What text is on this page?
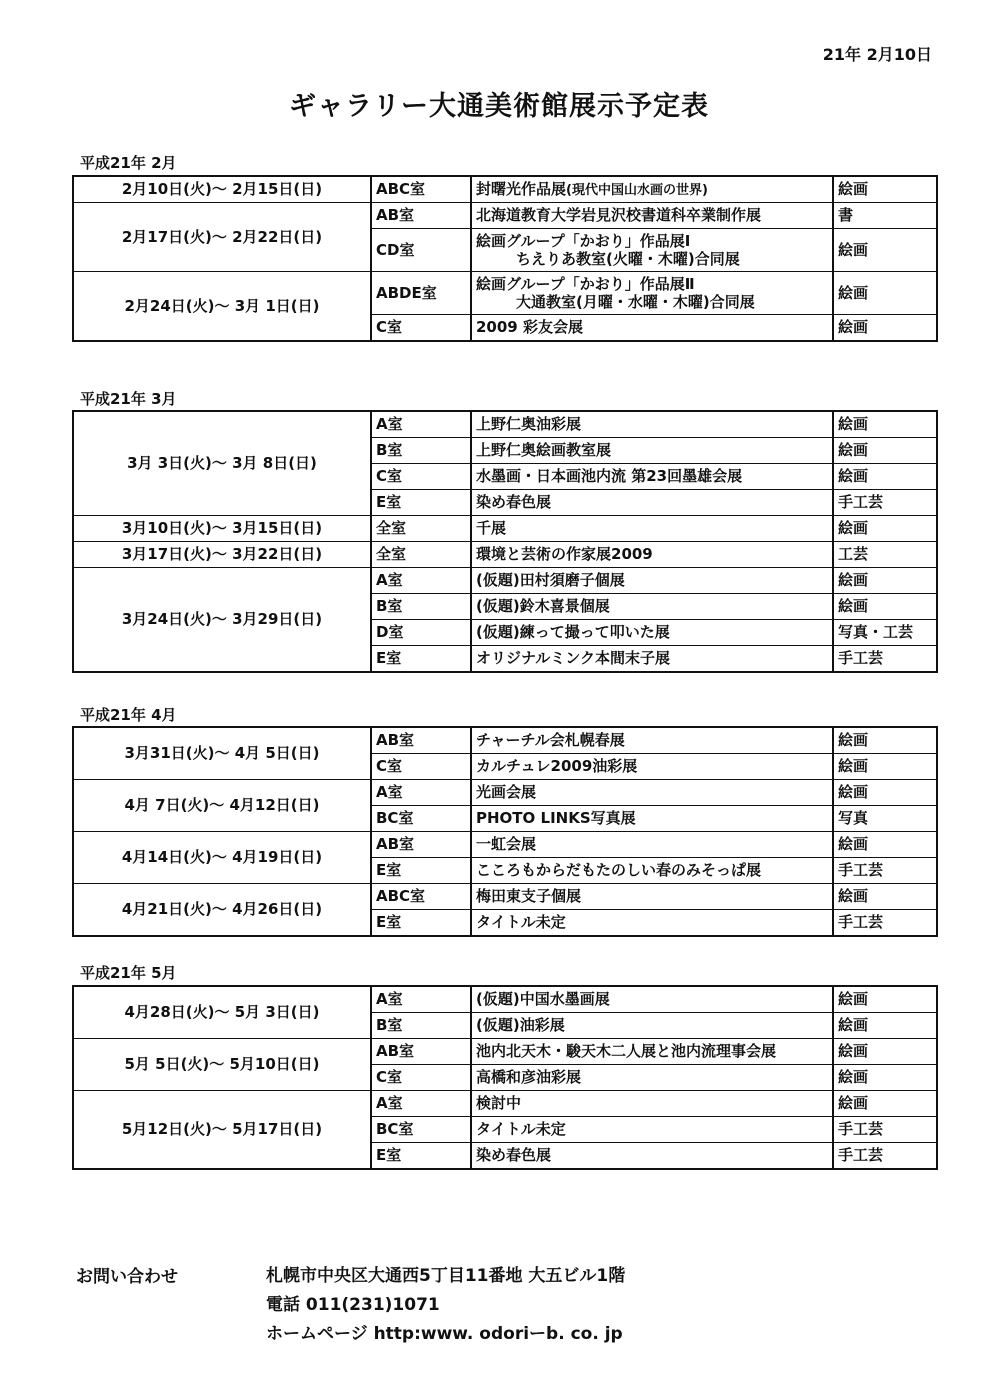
21年 2月10日
ギャラリー大通美術館展示予定表
平成21年 2月
2月10日(火)～ 2月15日(日)	ABC室	封曙光作品展(現代中国山水画の世界)	絵画
2月17日(火)～ 2月22日(日)	AB室	北海道教育大学岩見沢校書道科卒業制作展	書
	CD室	絵画グループ「かおり」作品展Ⅰ
ちえりあ教室(火曜・木曜)合同展	絵画
2月24日(火)～ 3月 1日(日)	ABDE室	絵画グループ「かおり」作品展Ⅱ
大通教室(月曜・水曜・木曜)合同展	絵画
	C室	2009 彩友会展	絵画
平成21年 3月
3月 3日(火)～ 3月 8日(日)	A室	上野仁奥油彩展	絵画
	B室	上野仁奥絵画教室展	絵画
	C室	水墨画・日本画池内流 第23回墨雄会展	絵画
	E室	染め春色展	手工芸
3月10日(火)～ 3月15日(日)	全室	千展	絵画
3月17日(火)～ 3月22日(日)	全室	環境と芸術の作家展2009	工芸
3月24日(火)～ 3月29日(日)	A室	(仮題)田村須磨子個展	絵画
	B室	(仮題)鈴木喜景個展	絵画
	D室	(仮題)練って撮って叩いた展	写真・工芸
	E室	オリジナルミンク本間末子展	手工芸
平成21年 4月
3月31日(火)～ 4月 5日(日)	AB室	チャーチル会札幌春展	絵画
	C室	カルチュレ2009油彩展	絵画
4月 7日(火)～ 4月12日(日)	A室	光画会展	絵画
	BC室	PHOTO LINKS写真展	写真
4月14日(火)～ 4月19日(日)	AB室	一虹会展	絵画
	E室	こころもからだもたのしい春のみそっぱ展	手工芸
4月21日(火)～ 4月26日(日)	ABC室	梅田東支子個展	絵画
	E室	タイトル未定	手工芸
平成21年 5月
4月28日(火)～ 5月 3日(日)	A室	(仮題)中国水墨画展	絵画
	B室	(仮題)油彩展	絵画
5月 5日(火)～ 5月10日(日)	AB室	池内北天木・駿天木二人展と池内流理事会展	絵画
	C室	高橋和彦油彩展	絵画
5月12日(火)～ 5月17日(日)	A室	検討中	絵画
	BC室	タイトル未定	手工芸
	E室	染め春色展	手工芸
お問い合わせ	札幌市中央区大通西5丁目11番地 大五ビル1階
電話 011(231)1071
ホームページ http:www. odoriーb. co. jp
